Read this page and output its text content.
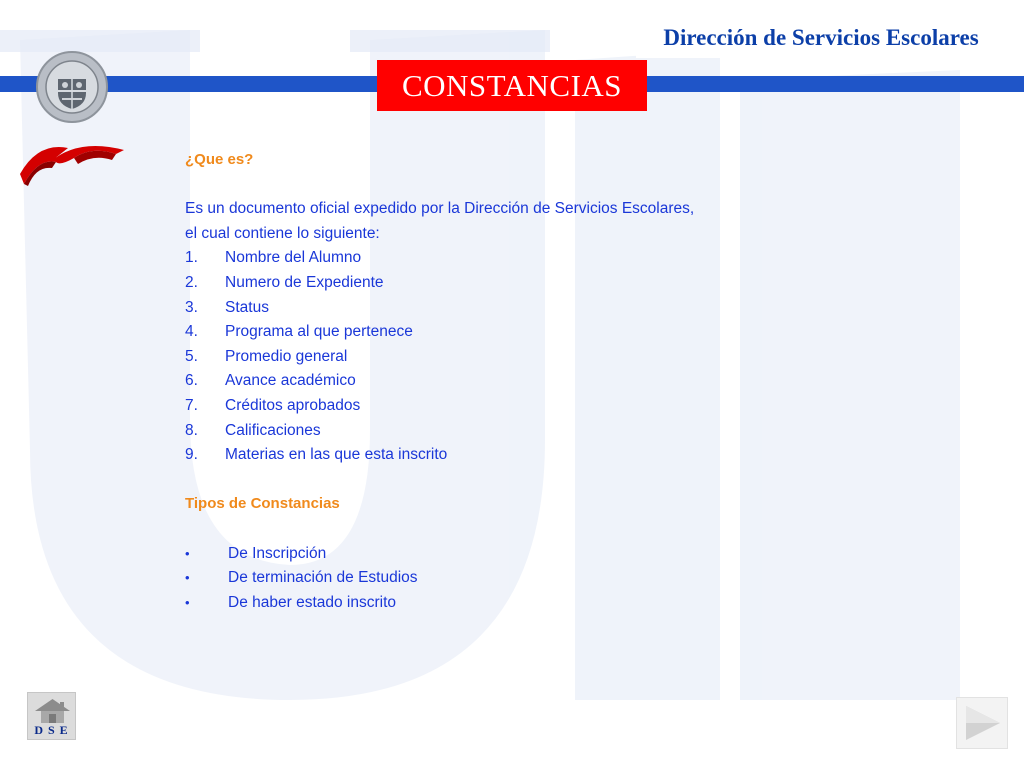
Dirección de Servicios Escolares
CONSTANCIAS
¿Que es?
Es un documento oficial expedido por la Dirección de Servicios Escolares,
el cual contiene lo siguiente:
1.	Nombre del Alumno
2.	Numero de Expediente
3.	Status
4.	Programa al que pertenece
5.	Promedio general
6.	Avance académico
7.	Créditos aprobados
8.	Calificaciones
9.	Materias en las que esta inscrito
Tipos de Constancias
•	De Inscripción
•	De terminación de Estudios
•	De haber estado inscrito
D S E
